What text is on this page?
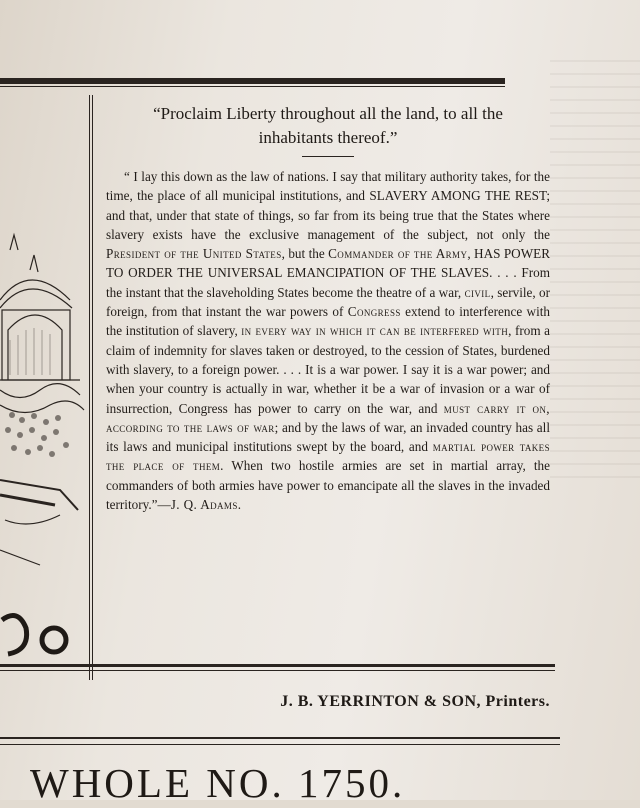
“Proclaim Liberty throughout all the land, to all the inhabitants thereof.”

“ I lay this down as the law of nations. I say that military authority takes, for the time, the place of all municipal institutions, and SLAVERY AMONG THE REST; and that, under that state of things, so far from its being true that the States where slavery exists have the exclusive management of the subject, not only the President of the United States, but the Commander of the Army, HAS POWER TO ORDER THE UNIVERSAL EMANCIPATION OF THE SLAVES. . . . From the instant that the slaveholding States become the theatre of a war, civil, servile, or foreign, from that instant the war powers of Congress extend to interference with the institution of slavery, in every way in which it can be interfered with, from a claim of indemnity for slaves taken or destroyed, to the cession of States, burdened with slavery, to a foreign power. . . . It is a war power. I say it is a war power; and when your country is actually in war, whether it be a war of invasion or a war of insurrection, Congress has power to carry on the war, and must carry it on, according to the laws of war; and by the laws of war, an invaded country has all its laws and municipal institutions swept by the board, and martial power takes the place of them. When two hostile armies are set in martial array, the commanders of both armies have power to emancipate all the slaves in the invaded territory.”—J. Q. Adams.

J. B. YERRINTON & SON, Printers.
WHOLE NO. 1750.
